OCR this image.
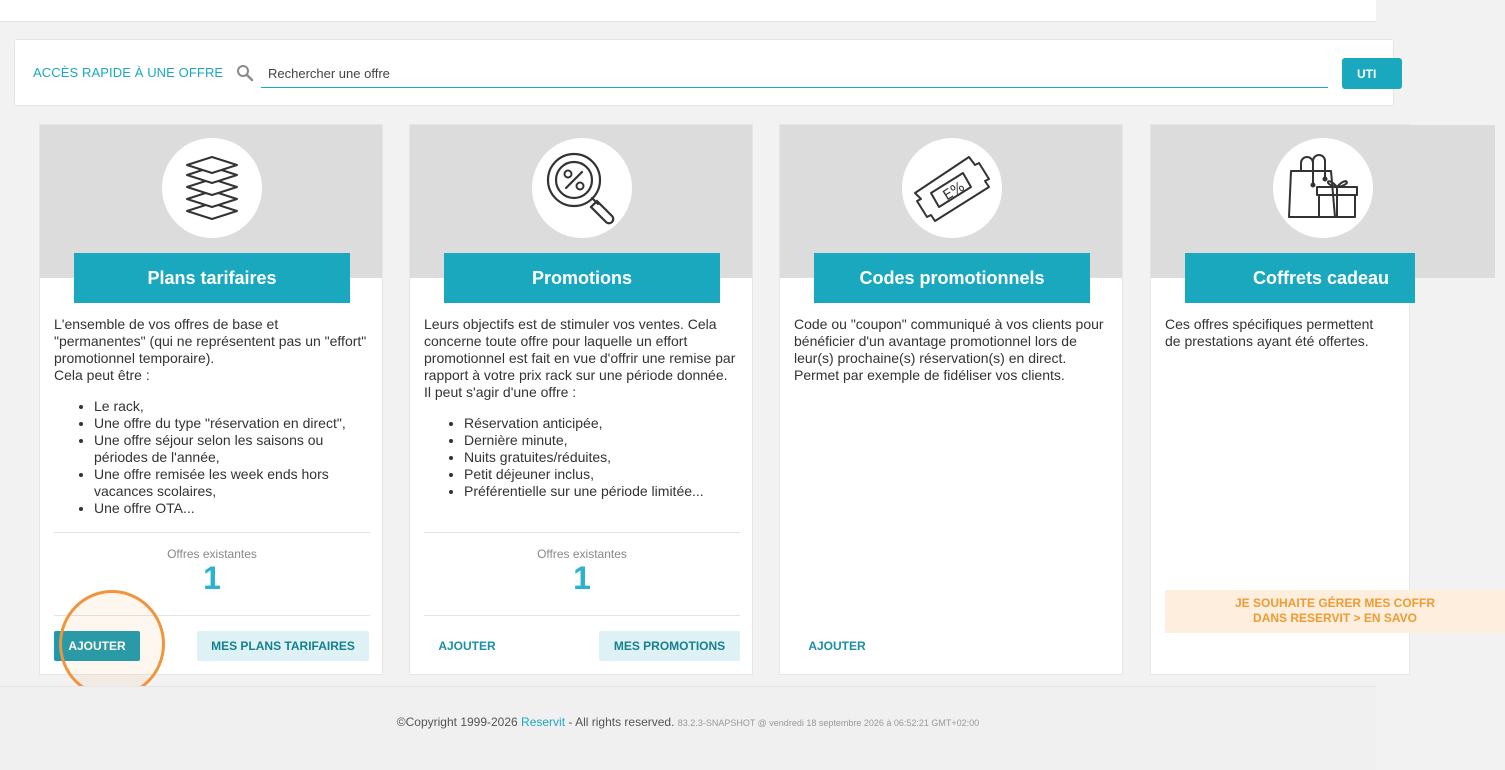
ACCÈS RAPIDE À UNE OFFRE
Rechercher une offre	UTI
Plans tarifaires
L'ensemble de vos offres de base et "permanentes" (qui ne représentent pas un "effort" promotionnel temporaire).
Cela peut être :
• Le rack,
• Une offre du type "réservation en direct",
• Une offre séjour selon les saisons ou périodes de l'année,
• Une offre remisée les week ends hors vacances scolaires,
• Une offre OTA...
Offres existantes
1
AJOUTER	MES PLANS TARIFAIRES
Promotions
Leurs objectifs est de stimuler vos ventes. Cela concerne toute offre pour laquelle un effort promotionnel est fait en vue d'offrir une remise par rapport à votre prix rack sur une période donnée.
Il peut s'agir d'une offre :
• Réservation anticipée,
• Dernière minute,
• Nuits gratuites/réduites,
• Petit déjeuner inclus,
• Préférentielle sur une période limitée...
Offres existantes
1
AJOUTER	MES PROMOTIONS
E%
Codes promotionnels
Code ou "coupon" communiqué à vos clients pour bénéficier d'un avantage promotionnel lors de leur(s) prochaine(s) réservation(s) en direct.
Permet par exemple de fidéliser vos clients.
AJOUTER
Coffrets cadeau
Ces offres spécifiques permettent
de prestations ayant été offertes.
JE SOUHAITE GÉRER MES COFFR
DANS RESERVIT > EN SAVO
©Copyright 1999-2026 Reservit - All rights reserved. 83.2.3-SNAPSHOT @ vendredi 18 septembre 2026 à 06:52:21 GMT+02:00
